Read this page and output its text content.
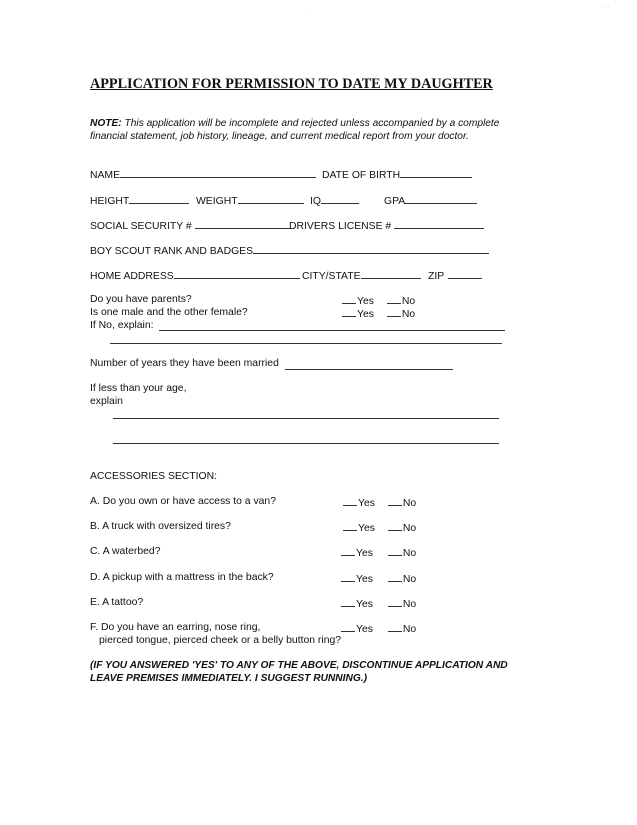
APPLICATION FOR PERMISSION TO DATE MY DAUGHTER
NOTE: This application will be incomplete and rejected unless accompanied by a complete financial statement, job history, lineage, and current medical report from your doctor.
NAME	DATE OF BIRTH
HEIGHT	WEIGHT	IQ	GPA
SOCIAL SECURITY #	DRIVERS LICENSE #
BOY SCOUT RANK AND BADGES
HOME ADDRESS	CITY/STATE	ZIP
Do you have parents?	Yes	No
Is one male and the other female?	Yes	No
If No, explain:
Number of years they have been married
If less than your age,
explain
ACCESSORIES SECTION:
A. Do you own or have access to a van?	Yes	No
B. A truck with oversized tires?	Yes	No
C. A waterbed?	Yes	No
D. A pickup with a mattress in the back?	Yes	No
E. A tattoo?	Yes	No
F. Do you have an earring, nose ring,
pierced tongue, pierced cheek or a belly button ring?
Yes	No
(IF YOU ANSWERED 'YES' TO ANY OF THE ABOVE, DISCONTINUE APPLICATION AND LEAVE PREMISES IMMEDIATELY. I SUGGEST RUNNING.)
· ·
·
